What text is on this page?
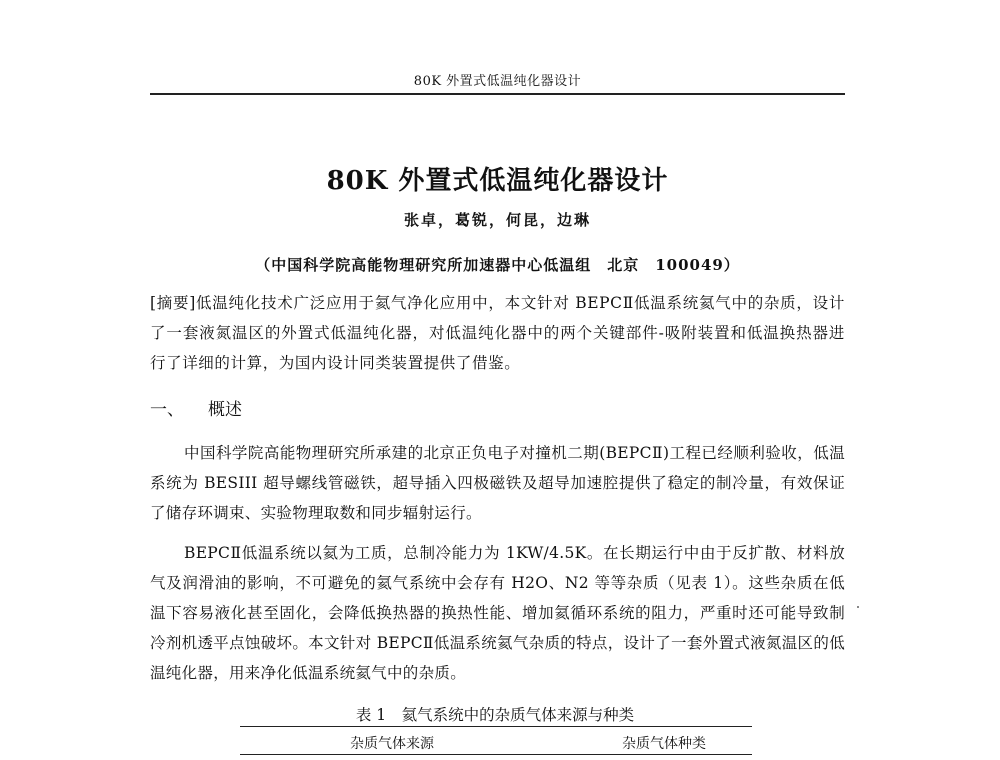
80K 外置式低温纯化器设计
80K 外置式低温纯化器设计
张卓，葛锐，何昆，边琳
（中国科学院高能物理研究所加速器中心低温组　北京　100049）
[摘要]低温纯化技术广泛应用于氦气净化应用中，本文针对 BEPCⅡ低温系统氦气中的杂质，设计了一套液氮温区的外置式低温纯化器，对低温纯化器中的两个关键部件-吸附装置和低温换热器进行了详细的计算，为国内设计同类装置提供了借鉴。
一、 概述
中国科学院高能物理研究所承建的北京正负电子对撞机二期(BEPCⅡ)工程已经顺利验收，低温系统为 BESIII 超导螺线管磁铁，超导插入四极磁铁及超导加速腔提供了稳定的制冷量，有效保证了储存环调束、实验物理取数和同步辐射运行。
BEPCⅡ低温系统以氦为工质，总制冷能力为 1KW/4.5K。在长期运行中由于反扩散、材料放气及润滑油的影响，不可避免的氦气系统中会存有 H2O、N2 等等杂质（见表 1）。这些杂质在低温下容易液化甚至固化，会降低换热器的换热性能、增加氦循环系统的阻力，严重时还可能导致制冷剂机透平点蚀破坏。本文针对 BEPCⅡ低温系统氦气杂质的特点，设计了一套外置式液氮温区的低温纯化器，用来净化低温系统氦气中的杂质。
表 1　氦气系统中的杂质气体来源与种类
杂质气体来源	杂质气体种类
